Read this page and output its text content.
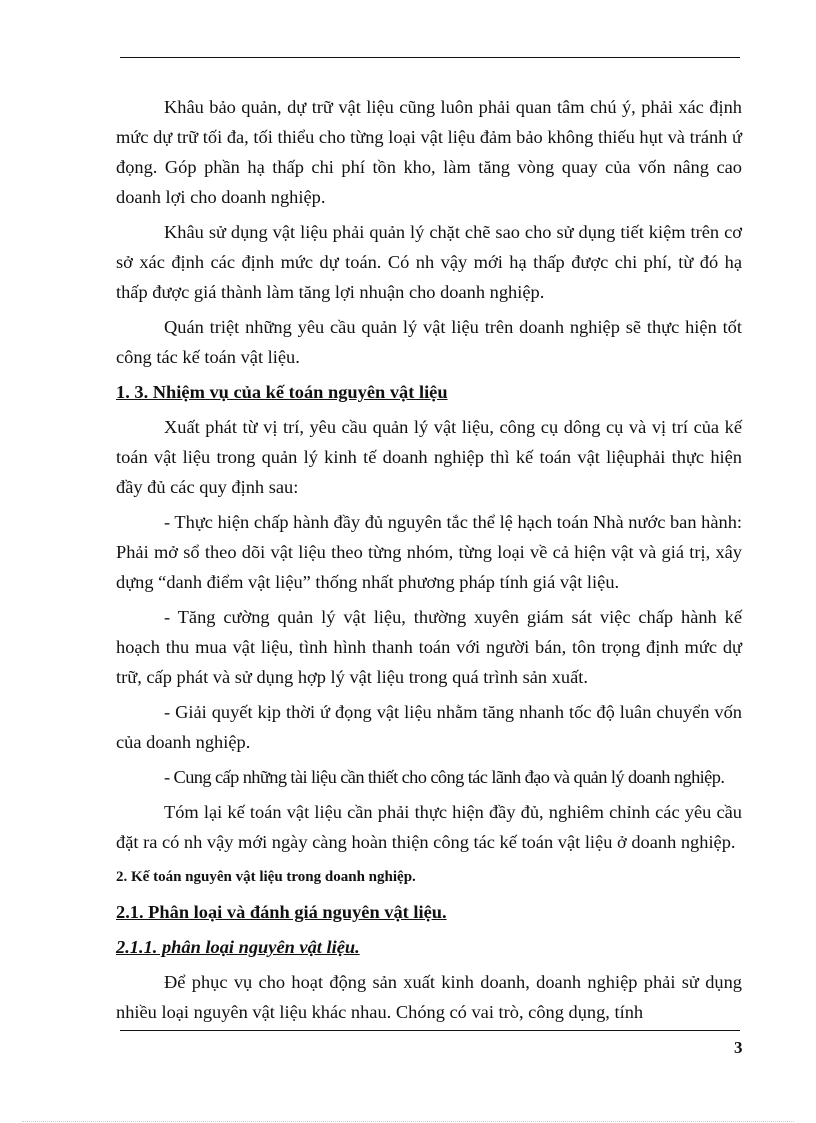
Khâu bảo quản, dự trữ vật liệu cũng luôn phải quan tâm chú ý, phải xác định mức dự trữ tối đa, tối thiểu cho từng loại vật liệu đảm bảo không thiếu hụt và tránh ứ đọng. Góp phần hạ thấp chi phí tồn kho, làm tăng vòng quay của vốn nâng cao doanh lợi cho doanh nghiệp.

Khâu sử dụng vật liệu phải quản lý chặt chẽ sao cho sử dụng tiết kiệm trên cơ sở xác định các định mức dự toán. Có nh vậy mới hạ thấp được chi phí, từ đó hạ thấp được giá thành làm tăng lợi nhuận cho doanh nghiệp.

Quán triệt những yêu cầu quản lý vật liệu trên doanh nghiệp sẽ thực hiện tốt công tác kế toán vật liệu.

1. 3. Nhiệm vụ của kế toán nguyên vật liệu

Xuất phát từ vị trí, yêu cầu quản lý vật liệu, công cụ dông cụ và vị trí của kế toán vật liệu trong quản lý kinh tế doanh nghiệp thì kế toán vật liệuphải thực hiện đầy đủ các quy định sau:

- Thực hiện chấp hành đầy đủ nguyên tắc thể lệ hạch toán Nhà nước ban hành: Phải mở sổ theo dõi vật liệu theo từng nhóm, từng loại về cả hiện vật và giá trị, xây dựng “danh điểm vật liệu” thống nhất phương pháp tính giá vật liệu.

- Tăng cường quản lý vật liệu, thường xuyên giám sát việc chấp hành kế hoạch thu mua vật liệu, tình hình thanh toán với người bán, tôn trọng định mức dự trữ, cấp phát và sử dụng hợp lý vật liệu trong quá trình sản xuất.

- Giải quyết kịp thời ứ đọng vật liệu nhằm tăng nhanh tốc độ luân chuyển vốn của doanh nghiệp.

- Cung cấp những tài liệu cần thiết cho công tác lãnh đạo và quản lý doanh nghiệp.

Tóm lại kế toán vật liệu cần phải thực hiện đầy đủ, nghiêm chỉnh các yêu cầu đặt ra có nh vậy mới ngày càng hoàn thiện công tác kế toán vật liệu ở doanh nghiệp.

2. Kế toán nguyên vật liệu trong doanh nghiệp.
2.1. Phân loại và đánh giá nguyên vật liệu.
2.1.1. phân loại nguyên vật liệu.

Để phục vụ cho hoạt động sản xuất kinh doanh, doanh nghiệp phải sử dụng nhiều loại nguyên vật liệu khác nhau. Chóng có vai trò, công dụng, tính

3
